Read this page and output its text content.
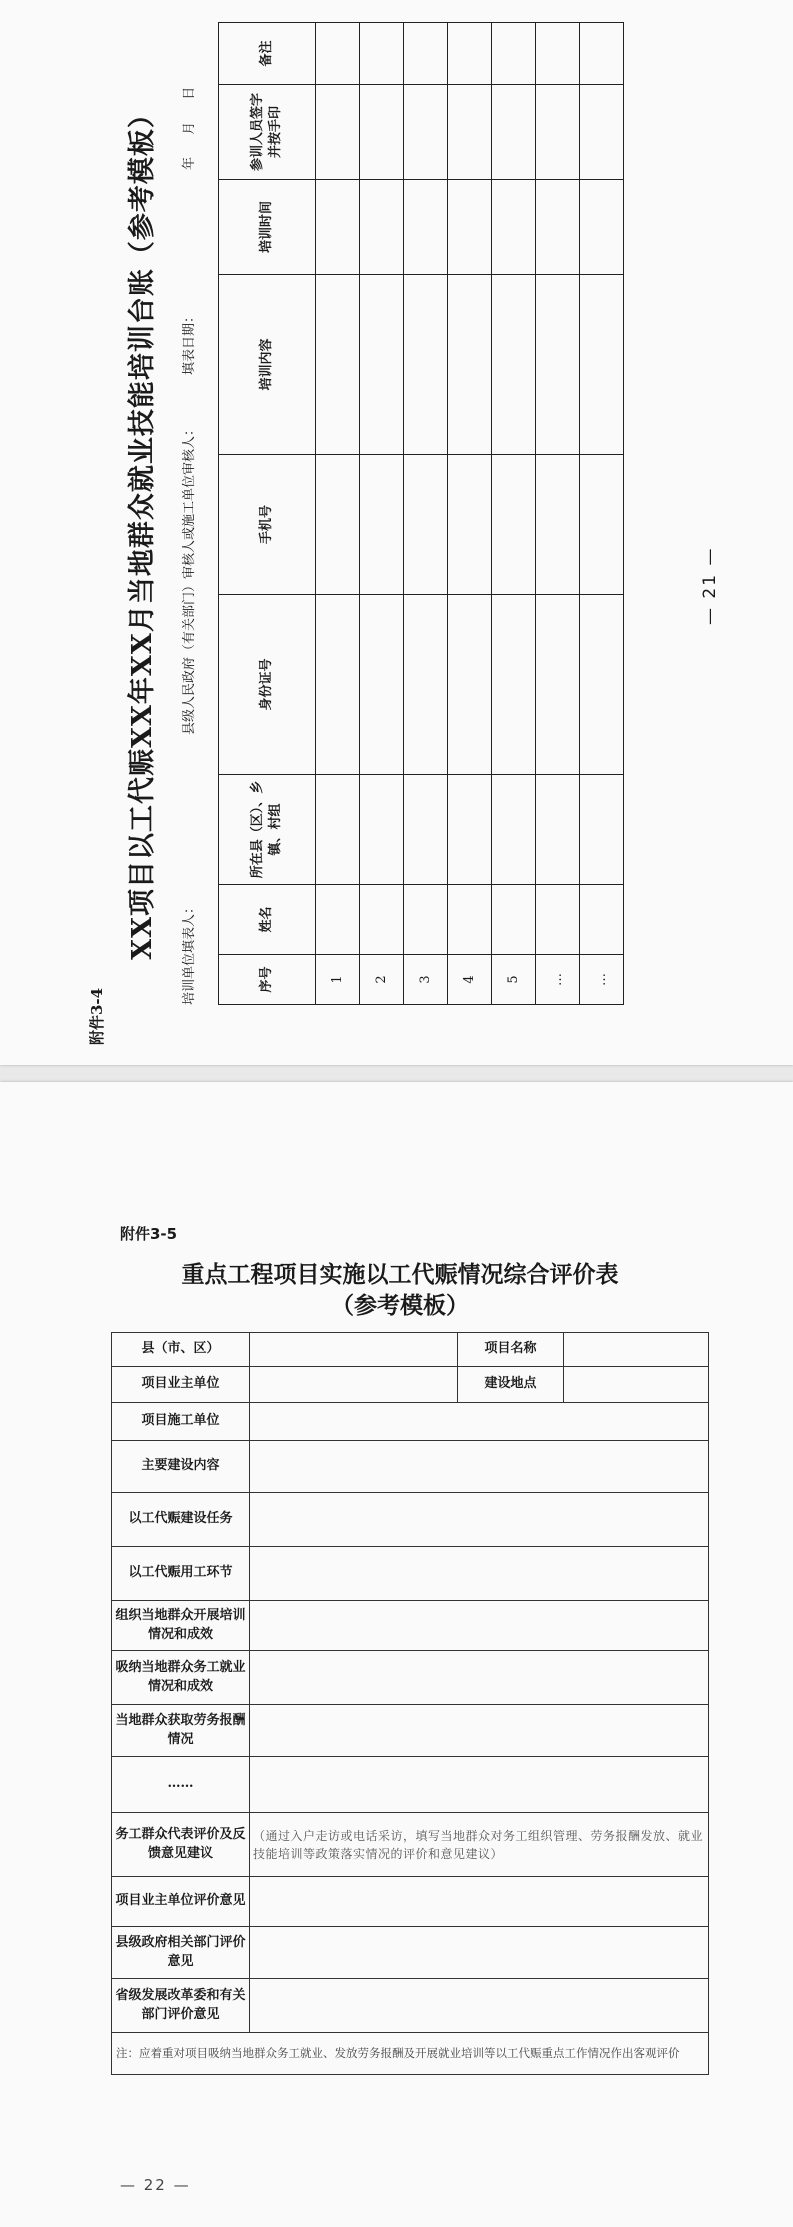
附件3-4
XX项目以工代赈XX年XX月当地群众就业技能培训台账（参考模板）	培训单位填表人：
县级人民政府（有关部门）审核人或施工单位审核人：
填表日期：
年 月 日
序号	姓名	所在县（区）、乡镇、村组	身份证号	手机号	培训内容	培训时间	参训人员签字并按手印	备注
1								
2								
3								
4								
5								
…								
…								
— 21 —
附件3-5
重点工程项目实施以工代赈情况综合评价表
（参考模板）
县（市、区）		项目名称	
项目业主单位		建设地点	
项目施工单位			
主要建设内容			
以工代赈建设任务			
以工代赈用工环节			
组织当地群众开展培训情况和成效			
吸纳当地群众务工就业情况和成效			
当地群众获取劳务报酬情况			
……			
务工群众代表评价及反馈意见建议	（通过入户走访或电话采访，填写当地群众对务工组织管理、劳务报酬发放、就业技能培训等政策落实情况的评价和意见建议）		
项目业主单位评价意见			
县级政府相关部门评价意见			
省级发展改革委和有关部门评价意见			
注：应着重对项目吸纳当地群众务工就业、发放劳务报酬及开展就业培训等以工代赈重点工作情况作出客观评价			
— 22 —
